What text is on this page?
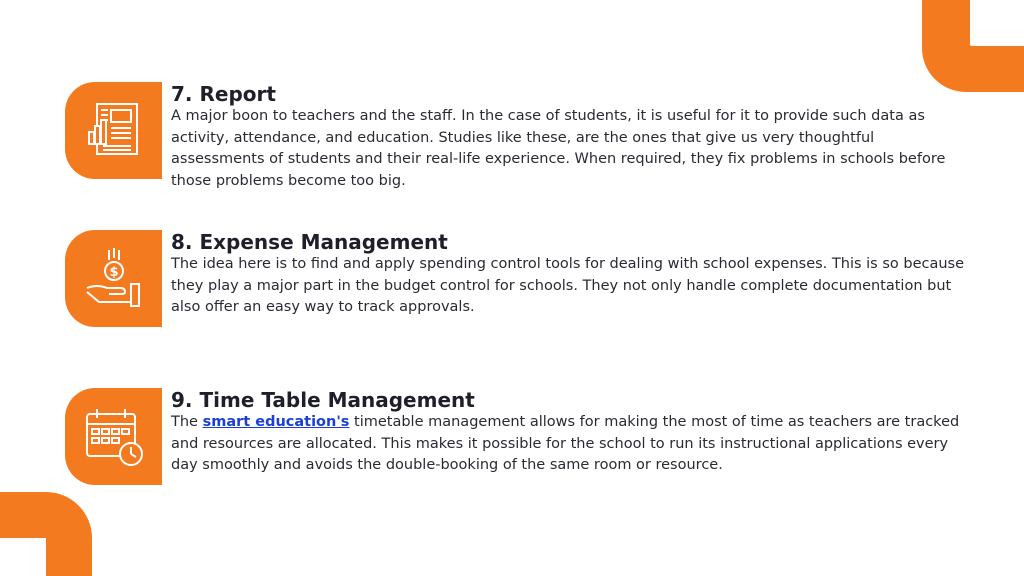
7. Report

A major boon to teachers and the staff. In the case of students, it is useful for it to provide such data as activity, attendance, and education. Studies like these, are the ones that give us very thoughtful assessments of students and their real-life experience. When required, they fix problems in schools before those problems become too big.

$
8. Expense Management

The idea here is to find and apply spending control tools for dealing with school expenses. This is so because they play a major part in the budget control for schools. They not only handle complete documentation but also offer an easy way to track approvals.

9. Time Table Management

The smart education's timetable management allows for making the most of time as teachers are tracked and resources are allocated. This makes it possible for the school to run its instructional applications every day smoothly and avoids the double-booking of the same room or resource.
